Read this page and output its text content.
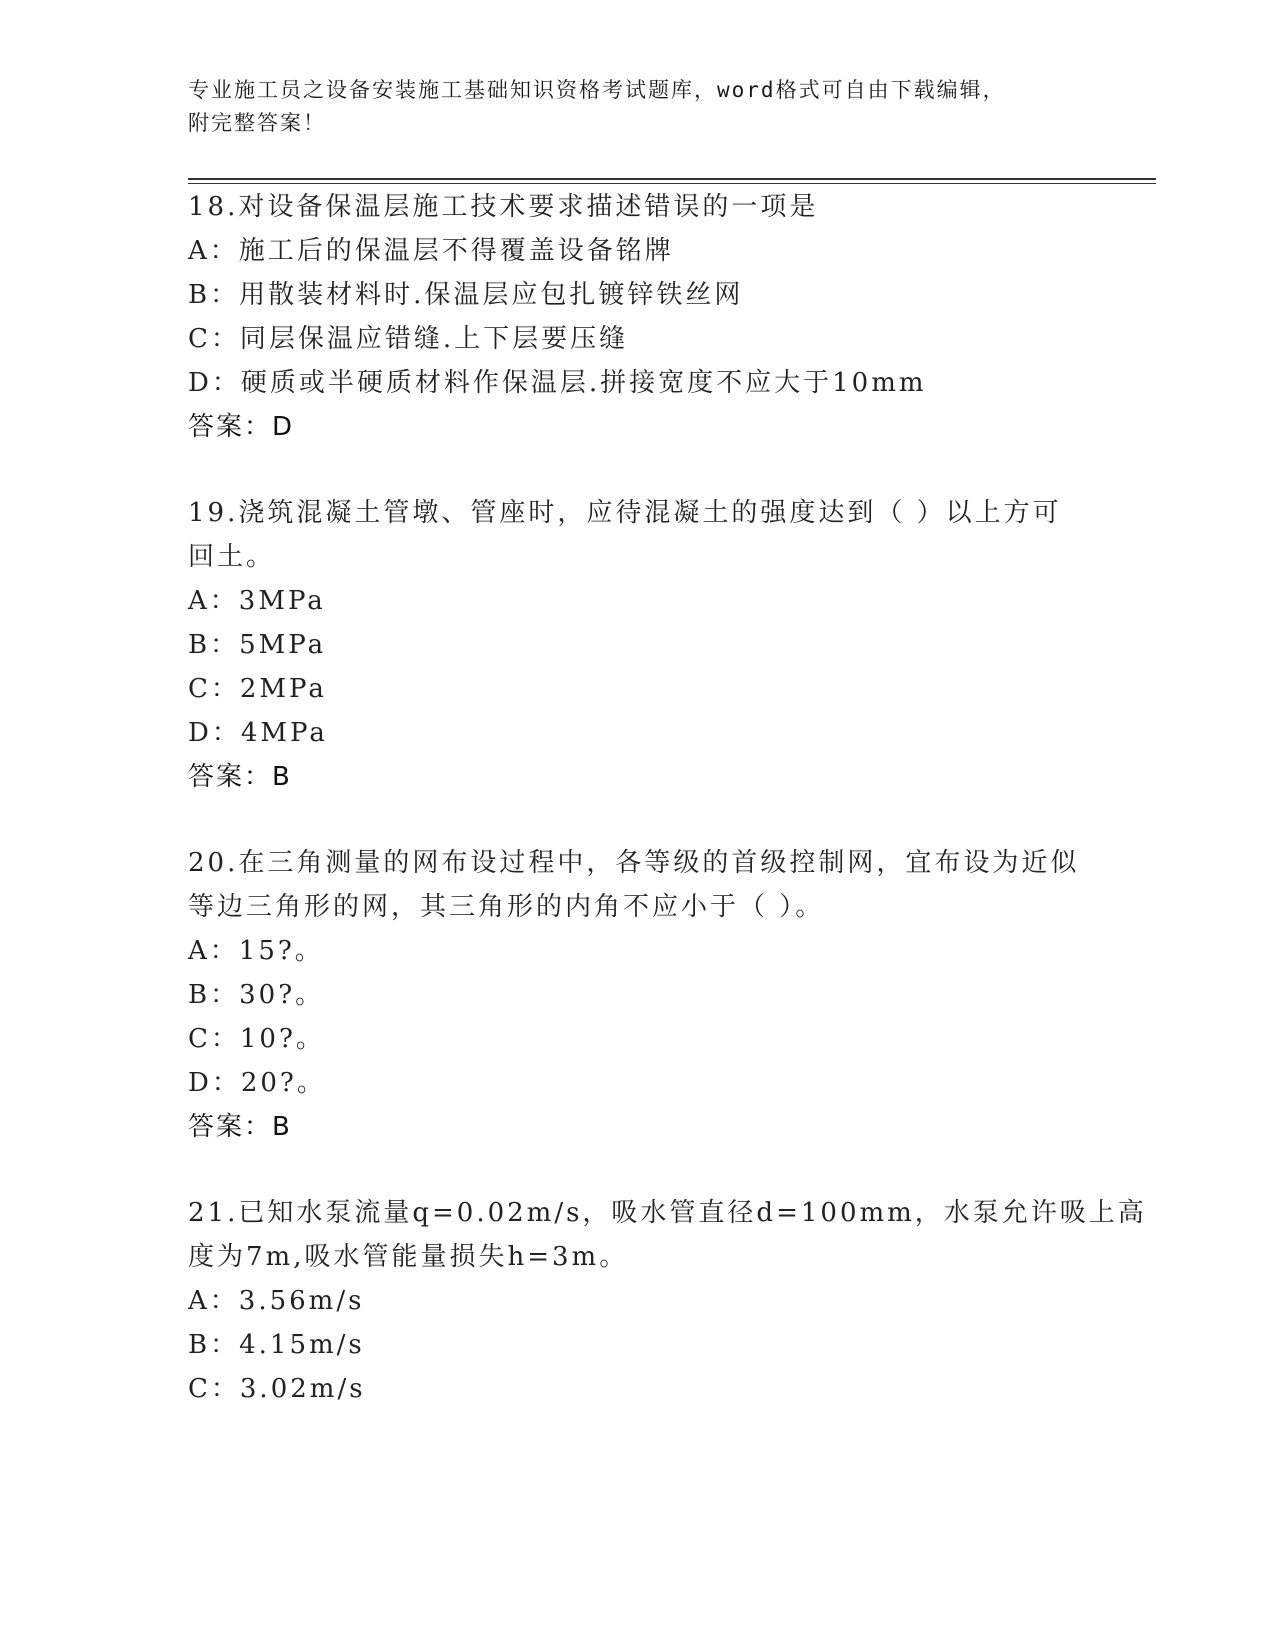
专业施工员之设备安装施工基础知识资格考试题库，word格式可自由下载编辑，
附完整答案！
18.对设备保温层施工技术要求描述错误的一项是
A：施工后的保温层不得覆盖设备铭牌
B：用散装材料时.保温层应包扎镀锌铁丝网
C：同层保温应错缝.上下层要压缝
D：硬质或半硬质材料作保温层.拼接宽度不应大于10mm
答案：D
19.浇筑混凝土管墩、管座时，应待混凝土的强度达到（ ）以上方可
回土。
A：3MPa
B：5MPa
C：2MPa
D：4MPa
答案：B
20.在三角测量的网布设过程中，各等级的首级控制网，宜布设为近似
等边三角形的网，其三角形的内角不应小于（ ）。
A：15?。
B：30?。
C：10?。
D：20?。
答案：B
21.已知水泵流量q=0.02m/s，吸水管直径d=100mm，水泵允许吸上高
度为7m,吸水管能量损失h=3m。
A：3.56m/s
B：4.15m/s
C：3.02m/s
